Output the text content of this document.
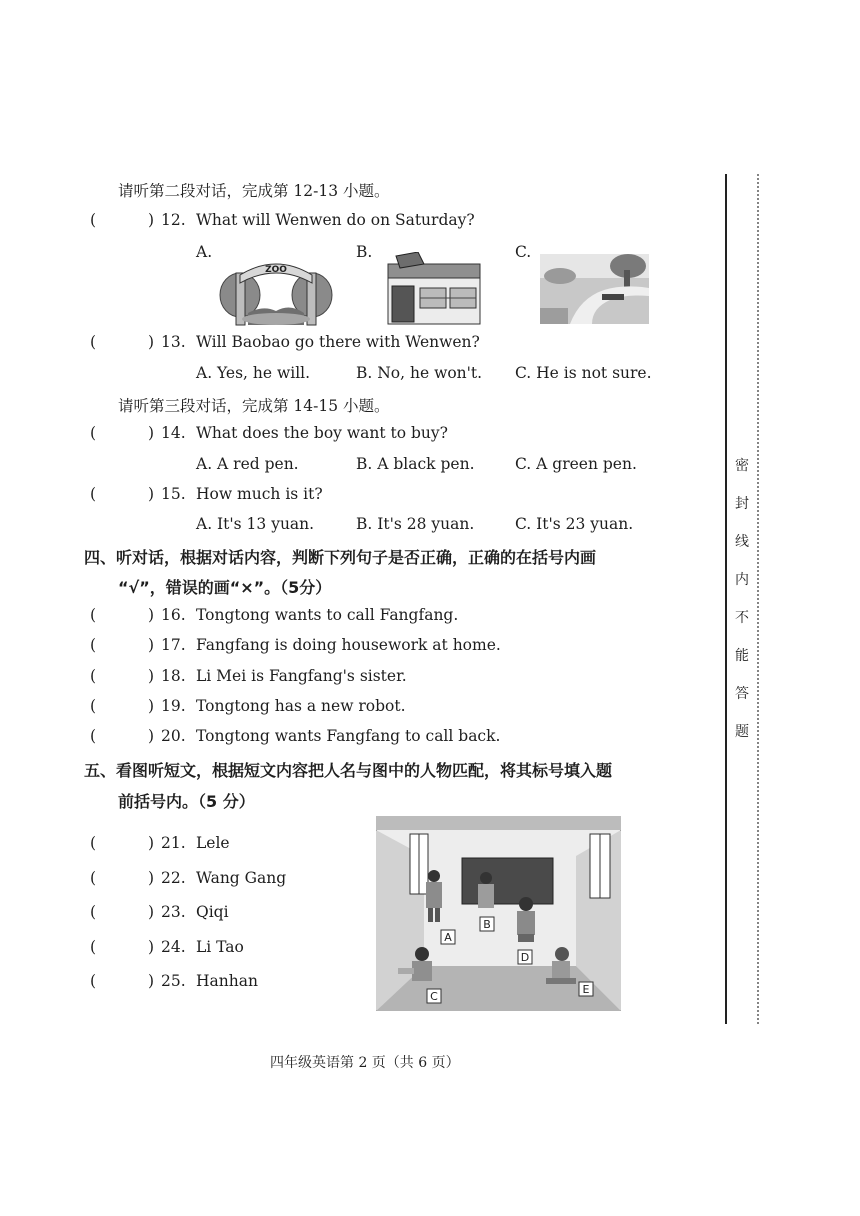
请听第二段对话，完成第 12-13 小题。
(	) 12. What will Wenwen do on Saturday?
A.	B.	C.
ZOO
(	) 13. Will Baobao go there with Wenwen?
A. Yes, he will.	B. No, he won't. C. He is not sure.
请听第三段对话，完成第 14-15 小题。
(	) 14. What does the boy want to buy?
A. A red pen.	B. A black pen.	C. A green pen.
(	) 15. How much is it?
A. It's 13 yuan.	B. It's 28 yuan.	C. It's 23 yuan.
四、听对话，根据对话内容，判断下列句子是否正确，正确的在括号内画
“√”，错误的画“×”。（5分）
(	) 16. Tongtong wants to call Fangfang.
(	) 17. Fangfang is doing housework at home.
(	) 18. Li Mei is Fangfang's sister.
(	) 19. Tongtong has a new robot.
(	) 20. Tongtong wants Fangfang to call back.
五、看图听短文，根据短文内容把人名与图中的人物匹配，将其标号填入题
前括号内。（5 分）
(	) 21. Lele
(	) 22. Wang Gang
(	) 23. Qiqi
(	) 24. Li Tao
(	) 25. Hanhan
A
B
C
D
E
密
封
线
内
不
能
答
题
四年级英语第 2 页（共 6 页）
